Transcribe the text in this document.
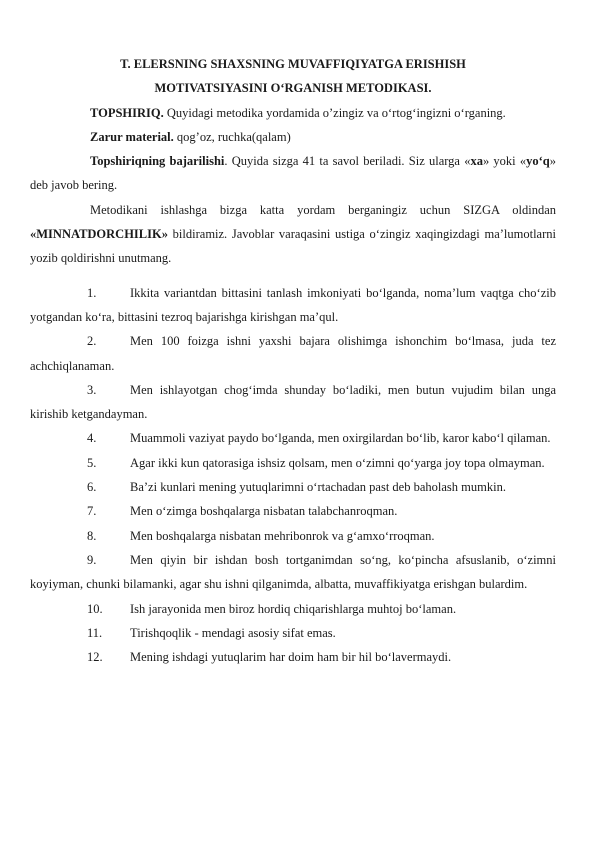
T. ELERSNING SHAXSNING MUVAFFIQIYATGA ERISHISH

MOTIVATSIYASINI O‘RGANISH METODIKASI.

TOPSHIRIQ. Quyidagi metodika yordamida o’zingiz va o‘rtog‘ingizni o‘rganing.

Zarur material. qog’oz, ruchka(qalam)

Topshiriqning bajarilishi. Quyida sizga 41 ta savol beriladi. Siz ularga «xa» yoki «yo‘q» deb javob bering.

Metodikani ishlashga bizga katta yordam berganingiz uchun SIZGA oldindan «MINNATDORCHILIK» bildiramiz. Javoblar varaqasini ustiga o‘zingiz xaqingizdagi ma’lumotlarni yozib qoldirishni unutmang.

1.	Ikkita variantdan bittasini tanlash imkoniyati bo‘lganda, noma’lum vaqtga cho‘zib yotgandan ko‘ra, bittasini tezroq bajarishga kirishgan ma’qul.

2.	Men 100 foizga ishni yaxshi bajara olishimga ishonchim bo‘lmasa, juda tez achchiqlanaman.

3.	Men ishlayotgan chog‘imda shunday bo‘ladiki, men butun vujudim bilan unga kirishib ketgandayman.

4.	Muammoli vaziyat paydo bo‘lganda, men oxirgilardan bo‘lib, karor kabo‘l qilaman.

5.	Agar ikki kun qatorasiga ishsiz qolsam, men o‘zimni qo‘yarga joy topa olmayman.

6.	Ba’zi kunlari mening yutuqlarimni o‘rtachadan past deb baholash mumkin.

7.	Men o‘zimga boshqalarga nisbatan talabchanroqman.

8.	Men boshqalarga nisbatan mehribonrok va g‘amxo‘rroqman.

9.	Men qiyin bir ishdan bosh tortganimdan so‘ng, ko‘pincha afsuslanib, o‘zimni koyiyman, chunki bilamanki, agar shu ishni qilganimda, albatta, muvaffikiyatga erishgan bulardim.

10. Ish jarayonida men biroz hordiq chiqarishlarga muhtoj bo‘laman.

11. Tirishqoqlik - mendagi asosiy sifat emas.

12. Mening ishdagi yutuqlarim har doim ham bir hil bo‘lavermaydi.
